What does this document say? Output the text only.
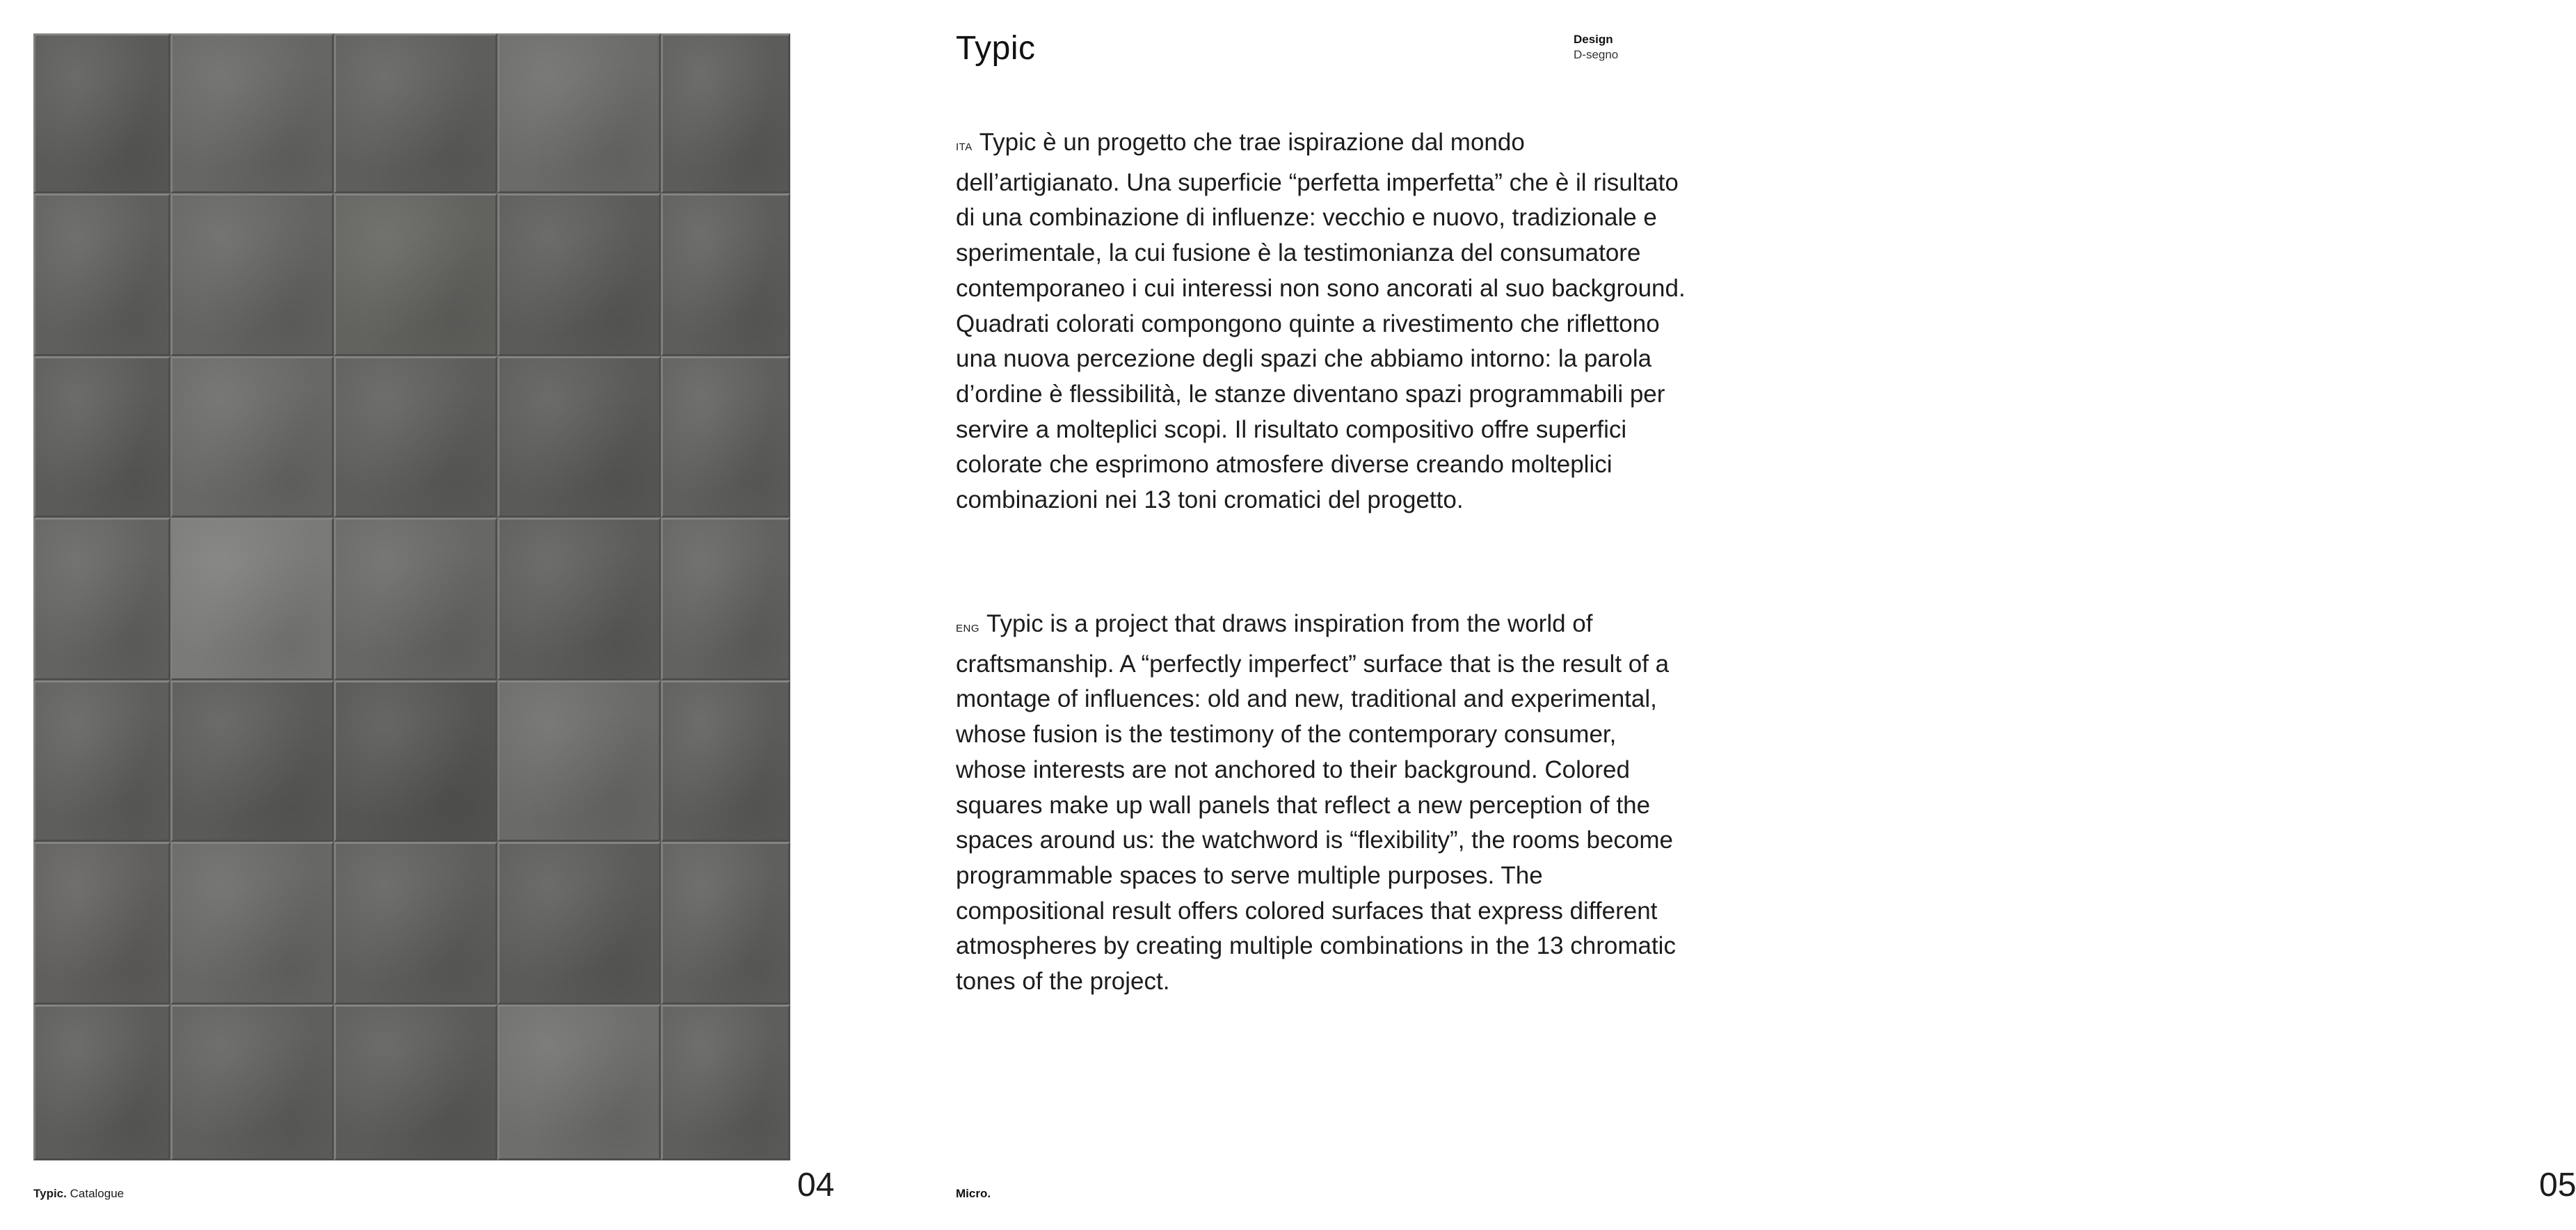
Typic. Catalogue	04
Typic	Design
D-segno

ITA Typic è un progetto che trae ispirazione dal mondo dell’artigianato. Una superficie “perfetta imperfetta” che è il risultato di una combinazione di influenze: vecchio e nuovo, tradizionale e sperimentale, la cui fusione è la testimonianza del consumatore contemporaneo i cui interessi non sono ancorati al suo background. Quadrati colorati compongono quinte a rivestimento che riflettono una nuova percezione degli spazi che abbiamo intorno: la parola d’ordine è flessibilità, le stanze diventano spazi programmabili per servire a molteplici scopi. Il risultato compositivo offre superfici colorate che esprimono atmosfere diverse creando molteplici combinazioni nei 13 toni cromatici del progetto.

ENG Typic is a project that draws inspiration from the world of craftsmanship. A “perfectly imperfect” surface that is the result of a montage of influences: old and new, traditional and experimental, whose fusion is the testimony of the contemporary consumer, whose interests are not anchored to their background. Colored squares make up wall panels that reflect a new perception of the spaces around us: the watchword is “flexibility”, the rooms become programmable spaces to serve multiple purposes. The compositional result offers colored surfaces that express different atmospheres by creating multiple combinations in the 13 chromatic tones of the project.

Micro.	05
